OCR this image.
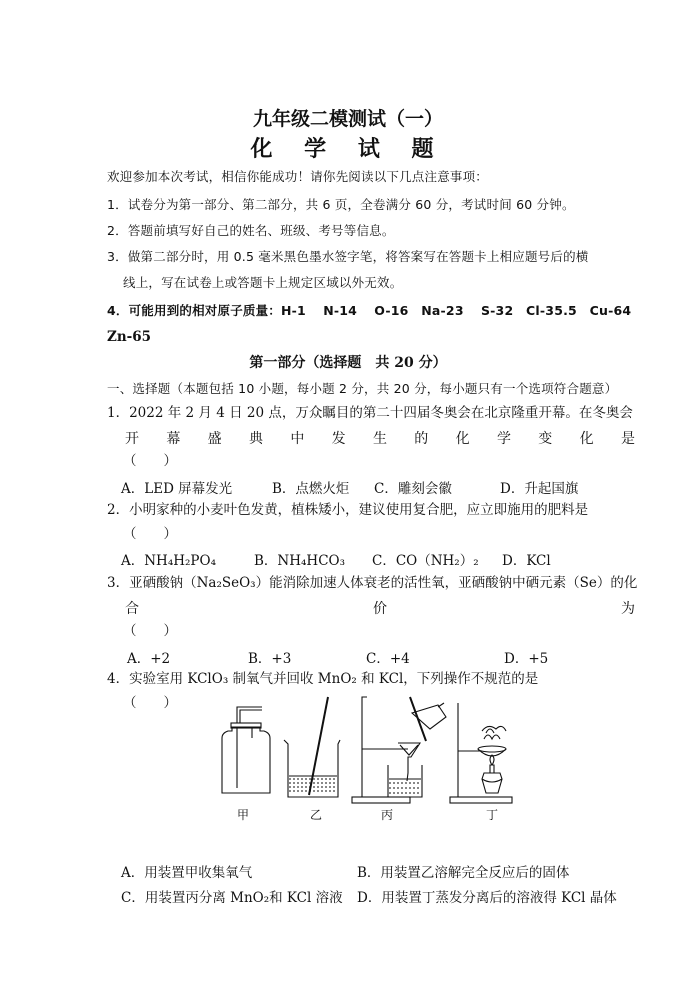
九年级二模测试（一）
化 学 试 题
欢迎参加本次考试，相信你能成功！请你先阅读以下几点注意事项：
1．试卷分为第一部分、第二部分，共 6 页，全卷满分 60 分，考试时间 60 分钟。
2．答题前填写好自己的姓名、班级、考号等信息。
3．做第二部分时，用 0.5 毫米黑色墨水签字笔，将答案写在答题卡上相应题号后的横
线上，写在试卷上或答题卡上规定区域以外无效。
4．可能用到的相对原子质量：H-1　 N-14　 O-16　Na-23　 S-32　Cl-35.5　Cu-64
Zn-65
第一部分（选择题　共 20 分）
一、选择题（本题包括 10 小题，每小题 2 分，共 20 分，每小题只有一个选项符合题意）
1．2022 年 2 月 4 日 20 点，万众瞩目的第二十四届冬奥会在北京隆重开幕。在冬奥会
开 幕 盛 典 中 发 生 的 化 学 变 化 是
（　　）
A．LED 屏幕发光	B．点燃火炬 C．雕刻会徽	D．升起国旗
2．小明家种的小麦叶色发黄，植株矮小，建议使用复合肥，应立即施用的肥料是
（　　）
A．NH₄H₂PO₄	B．NH₄HCO₃ C．CO（NH₂）₂ D．KCl
3．亚硒酸钠（Na₂SeO₃）能消除加速人体衰老的活性氧，亚硒酸钠中硒元素（Se）的化
合	价	为
（　　）
A．+2	B．+3	C．+4	D．+5
4．实验室用 KClO₃ 制氧气并回收 MnO₂ 和 KCl，下列操作不规范的是
（　　）
甲	乙	丙	丁
A．用装置甲收集氧气	B．用装置乙溶解完全反应后的固体
C．用装置丙分离 MnO₂和 KCl 溶液 D．用装置丁蒸发分离后的溶液得 KCl 晶体
